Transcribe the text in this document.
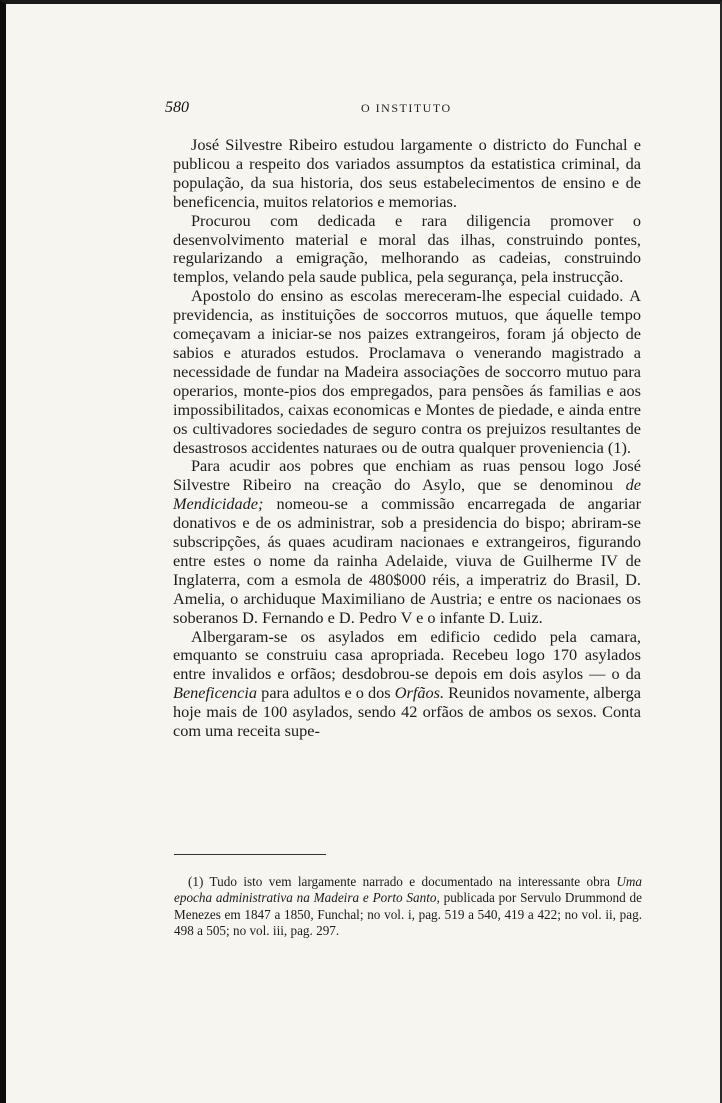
580	O INSTITUTO

José Silvestre Ribeiro estudou largamente o districto do Funchal e publicou a respeito dos variados assumptos da estatistica criminal, da população, da sua historia, dos seus estabelecimentos de ensino e de beneficencia, muitos relatorios e memorias.

Procurou com dedicada e rara diligencia promover o desenvolvimento material e moral das ilhas, construindo pontes, regularizando a emigração, melhorando as cadeias, construindo templos, velando pela saude publica, pela segurança, pela instrucção.

Apostolo do ensino as escolas mereceram-lhe especial cuidado. A previdencia, as instituições de soccorros mutuos, que áquelle tempo começavam a iniciar-se nos paizes extrangeiros, foram já objecto de sabios e aturados estudos. Proclamava o venerando magistrado a necessidade de fundar na Madeira associações de soccorro mutuo para operarios, monte-pios dos empregados, para pensões ás familias e aos impossibilitados, caixas economicas e Montes de piedade, e ainda entre os cultivadores sociedades de seguro contra os prejuizos resultantes de desastrosos accidentes naturaes ou de outra qualquer proveniencia (1).

Para acudir aos pobres que enchiam as ruas pensou logo José Silvestre Ribeiro na creação do Asylo, que se denominou de Mendicidade; nomeou-se a commissão encarregada de angariar donativos e de os administrar, sob a presidencia do bispo; abriram-se subscripções, ás quaes acudiram nacionaes e extrangeiros, figurando entre estes o nome da rainha Adelaide, viuva de Guilherme IV de Inglaterra, com a esmola de 480$000 réis, a imperatriz do Brasil, D. Amelia, o archiduque Maximiliano de Austria; e entre os nacionaes os soberanos D. Fernando e D. Pedro V e o infante D. Luiz.

Albergaram-se os asylados em edificio cedido pela camara, emquanto se construiu casa apropriada. Recebeu logo 170 asylados entre invalidos e orfãos; desdobrou-se depois em dois asylos — o da Beneficencia para adultos e o dos Orfãos. Reunidos novamente, alberga hoje mais de 100 asylados, sendo 42 orfãos de ambos os sexos. Conta com uma receita supe-

(1) Tudo isto vem largamente narrado e documentado na interessante obra Uma epocha administrativa na Madeira e Porto Santo, publicada por Servulo Drummond de Menezes em 1847 a 1850, Funchal; no vol. i, pag. 519 a 540, 419 a 422; no vol. ii, pag. 498 a 505; no vol. iii, pag. 297.
